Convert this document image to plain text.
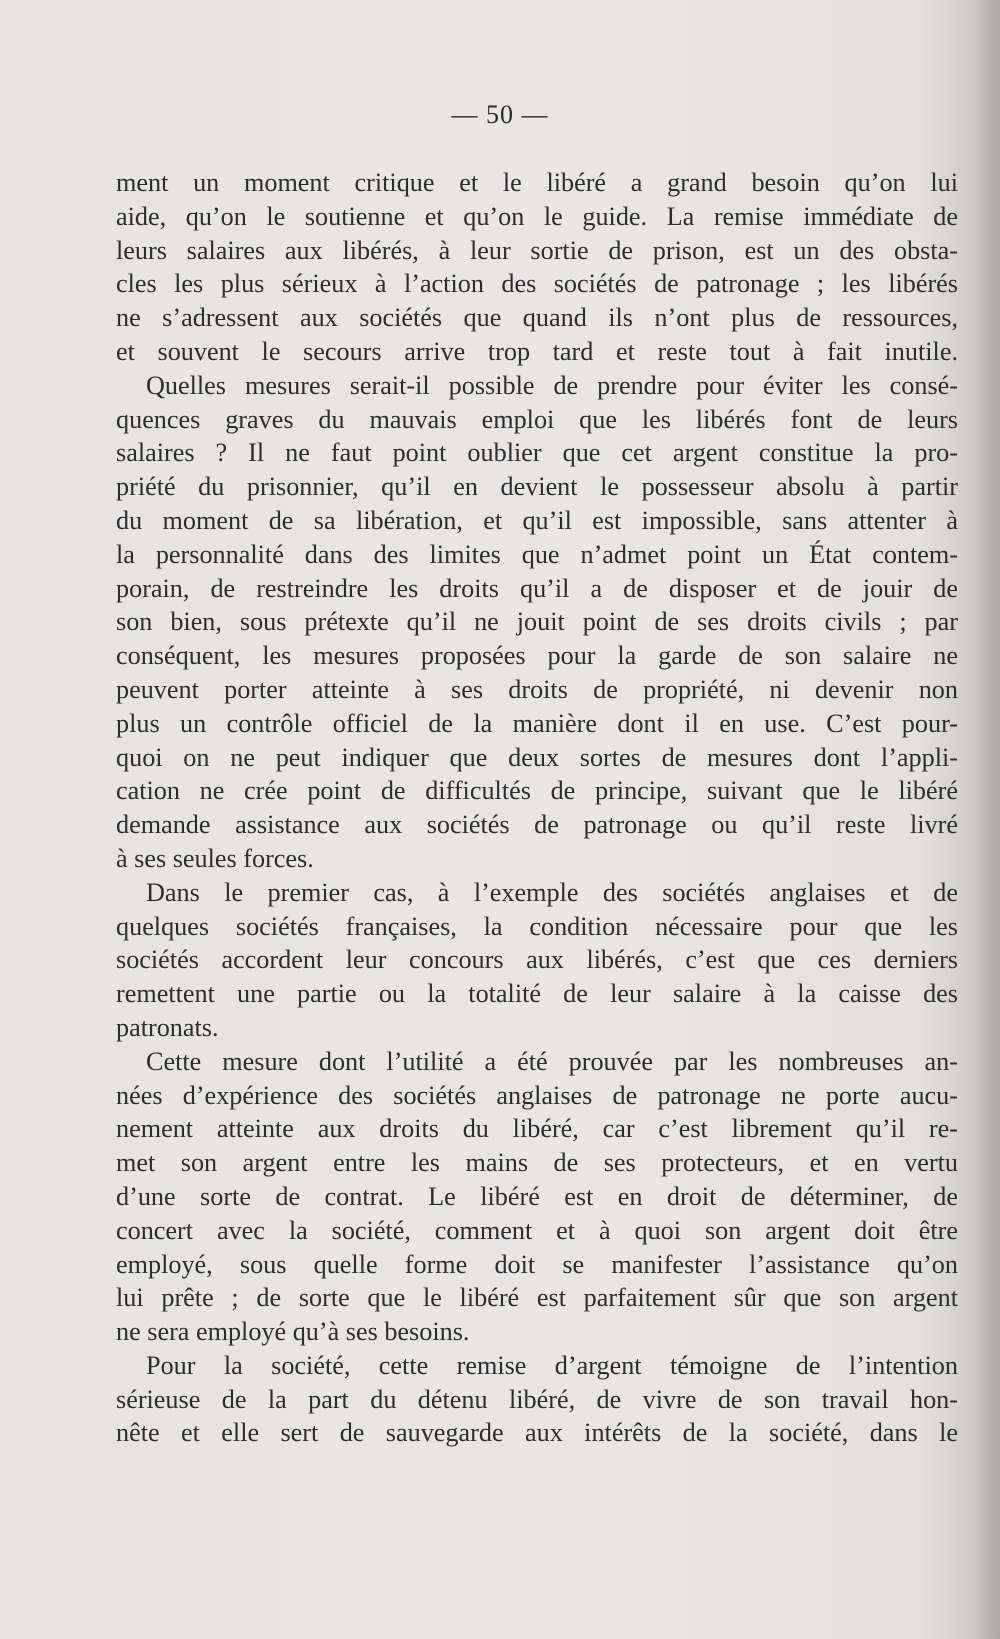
— 50 —
ment un moment critique et le libéré a grand besoin qu’on lui
aide, qu’on le soutienne et qu’on le guide. La remise immédiate de
leurs salaires aux libérés, à leur sortie de prison, est un des obsta-
cles les plus sérieux à l’action des sociétés de patronage ; les libérés
ne s’adressent aux sociétés que quand ils n’ont plus de ressources,
et souvent le secours arrive trop tard et reste tout à fait inutile.
Quelles mesures serait-il possible de prendre pour éviter les consé-
quences graves du mauvais emploi que les libérés font de leurs
salaires ? Il ne faut point oublier que cet argent constitue la pro-
priété du prisonnier, qu’il en devient le possesseur absolu à partir
du moment de sa libération, et qu’il est impossible, sans attenter à
la personnalité dans des limites que n’admet point un État contem-
porain, de restreindre les droits qu’il a de disposer et de jouir de
son bien, sous prétexte qu’il ne jouit point de ses droits civils ; par
conséquent, les mesures proposées pour la garde de son salaire ne
peuvent porter atteinte à ses droits de propriété, ni devenir non
plus un contrôle officiel de la manière dont il en use. C’est pour-
quoi on ne peut indiquer que deux sortes de mesures dont l’appli-
cation ne crée point de difficultés de principe, suivant que le libéré
demande assistance aux sociétés de patronage ou qu’il reste livré
à ses seules forces.
Dans le premier cas, à l’exemple des sociétés anglaises et de
quelques sociétés françaises, la condition nécessaire pour que les
sociétés accordent leur concours aux libérés, c’est que ces derniers
remettent une partie ou la totalité de leur salaire à la caisse des
patronats.
Cette mesure dont l’utilité a été prouvée par les nombreuses an-
nées d’expérience des sociétés anglaises de patronage ne porte aucu-
nement atteinte aux droits du libéré, car c’est librement qu’il re-
met son argent entre les mains de ses protecteurs, et en vertu
d’une sorte de contrat. Le libéré est en droit de déterminer, de
concert avec la société, comment et à quoi son argent doit être
employé, sous quelle forme doit se manifester l’assistance qu’on
lui prête ; de sorte que le libéré est parfaitement sûr que son argent
ne sera employé qu’à ses besoins.
Pour la société, cette remise d’argent témoigne de l’intention
sérieuse de la part du détenu libéré, de vivre de son travail hon-
nête et elle sert de sauvegarde aux intérêts de la société, dans le
